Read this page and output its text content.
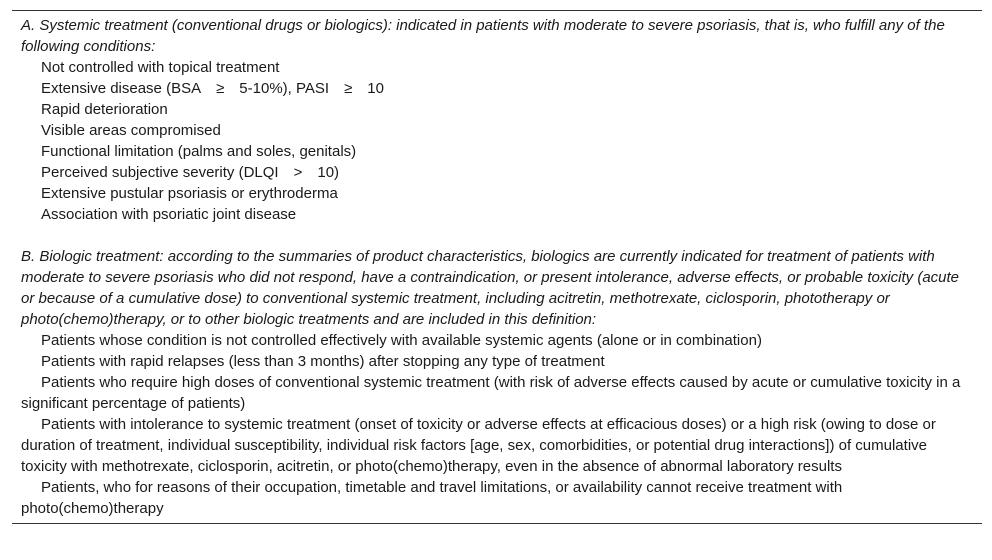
A. Systemic treatment (conventional drugs or biologics): indicated in patients with moderate to severe psoriasis, that is, who fulfill any of the following conditions:

Not controlled with topical treatment

Extensive disease (BSA ≥ 5-10%), PASI ≥ 10

Rapid deterioration

Visible areas compromised

Functional limitation (palms and soles, genitals)

Perceived subjective severity (DLQI > 10)

Extensive pustular psoriasis or erythroderma

Association with psoriatic joint disease

B. Biologic treatment: according to the summaries of product characteristics, biologics are currently indicated for treatment of patients with moderate to severe psoriasis who did not respond, have a contraindication, or present intolerance, adverse effects, or probable toxicity (acute or because of a cumulative dose) to conventional systemic treatment, including acitretin, methotrexate, ciclosporin, phototherapy or photo(chemo)therapy, or to other biologic treatments and are included in this definition:

Patients whose condition is not controlled effectively with available systemic agents (alone or in combination)

Patients with rapid relapses (less than 3 months) after stopping any type of treatment

Patients who require high doses of conventional systemic treatment (with risk of adverse effects caused by acute or cumulative toxicity in a significant percentage of patients)

Patients with intolerance to systemic treatment (onset of toxicity or adverse effects at efficacious doses) or a high risk (owing to dose or duration of treatment, individual susceptibility, individual risk factors [age, sex, comorbidities, or potential drug interactions]) of cumulative toxicity with methotrexate, ciclosporin, acitretin, or photo(chemo)therapy, even in the absence of abnormal laboratory results

Patients, who for reasons of their occupation, timetable and travel limitations, or availability cannot receive treatment with photo(chemo)therapy
